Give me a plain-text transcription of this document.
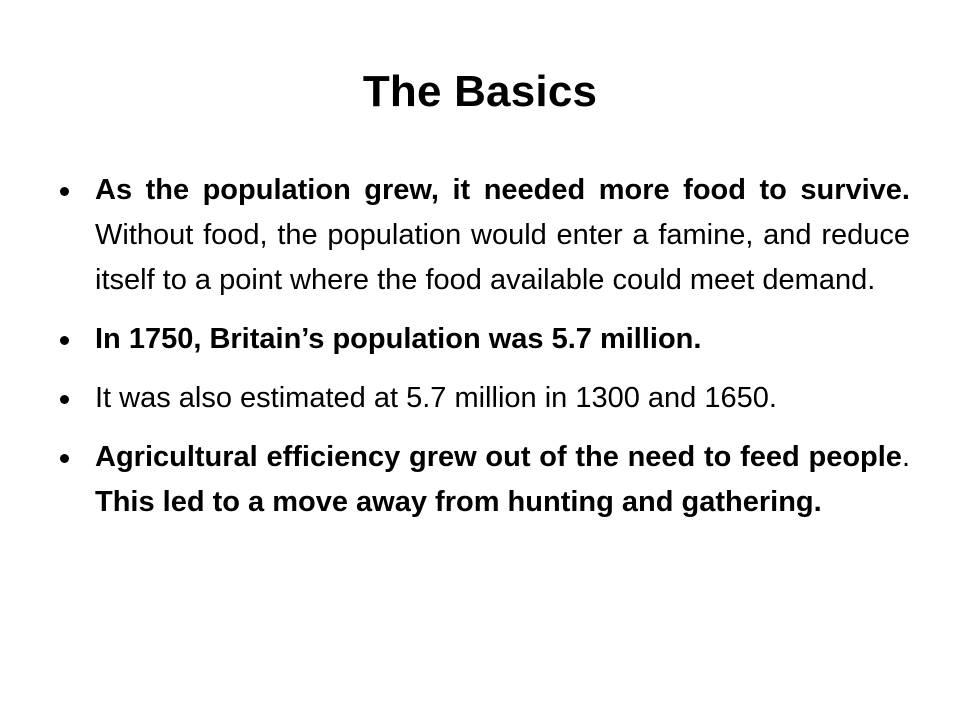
The Basics
As the population grew, it needed more food to survive. Without food, the population would enter a famine, and reduce itself to a point where the food available could meet demand.
In 1750, Britain’s population was 5.7 million.
It was also estimated at 5.7 million in 1300 and 1650.
Agricultural efficiency grew out of the need to feed people. This led to a move away from hunting and gathering.
